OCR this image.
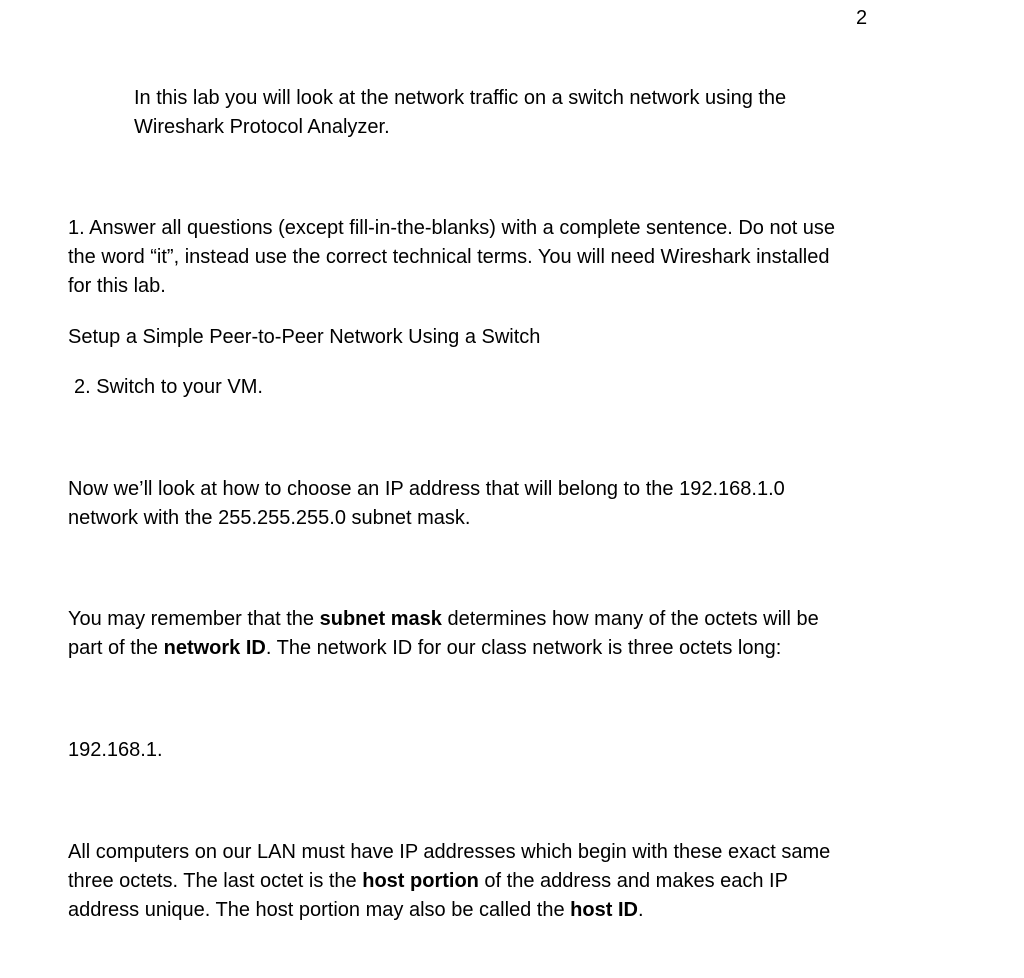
2

In this lab you will look at the network traffic on a switch network using the
Wireshark Protocol Analyzer.

1. Answer all questions (except fill-in-the-blanks) with a complete sentence. Do not use
the word “it”, instead use the correct technical terms. You will need Wireshark installed
for this lab.

Setup a Simple Peer-to-Peer Network Using a Switch

2. Switch to your VM.

Now we’ll look at how to choose an IP address that will belong to the 192.168.1.0
network with the 255.255.255.0 subnet mask.

You may remember that the subnet mask determines how many of the octets will be
part of the network ID. The network ID for our class network is three octets long:

192.168.1.

All computers on our LAN must have IP addresses which begin with these exact same
three octets. The last octet is the host portion of the address and makes each IP
address unique. The host portion may also be called the host ID.
